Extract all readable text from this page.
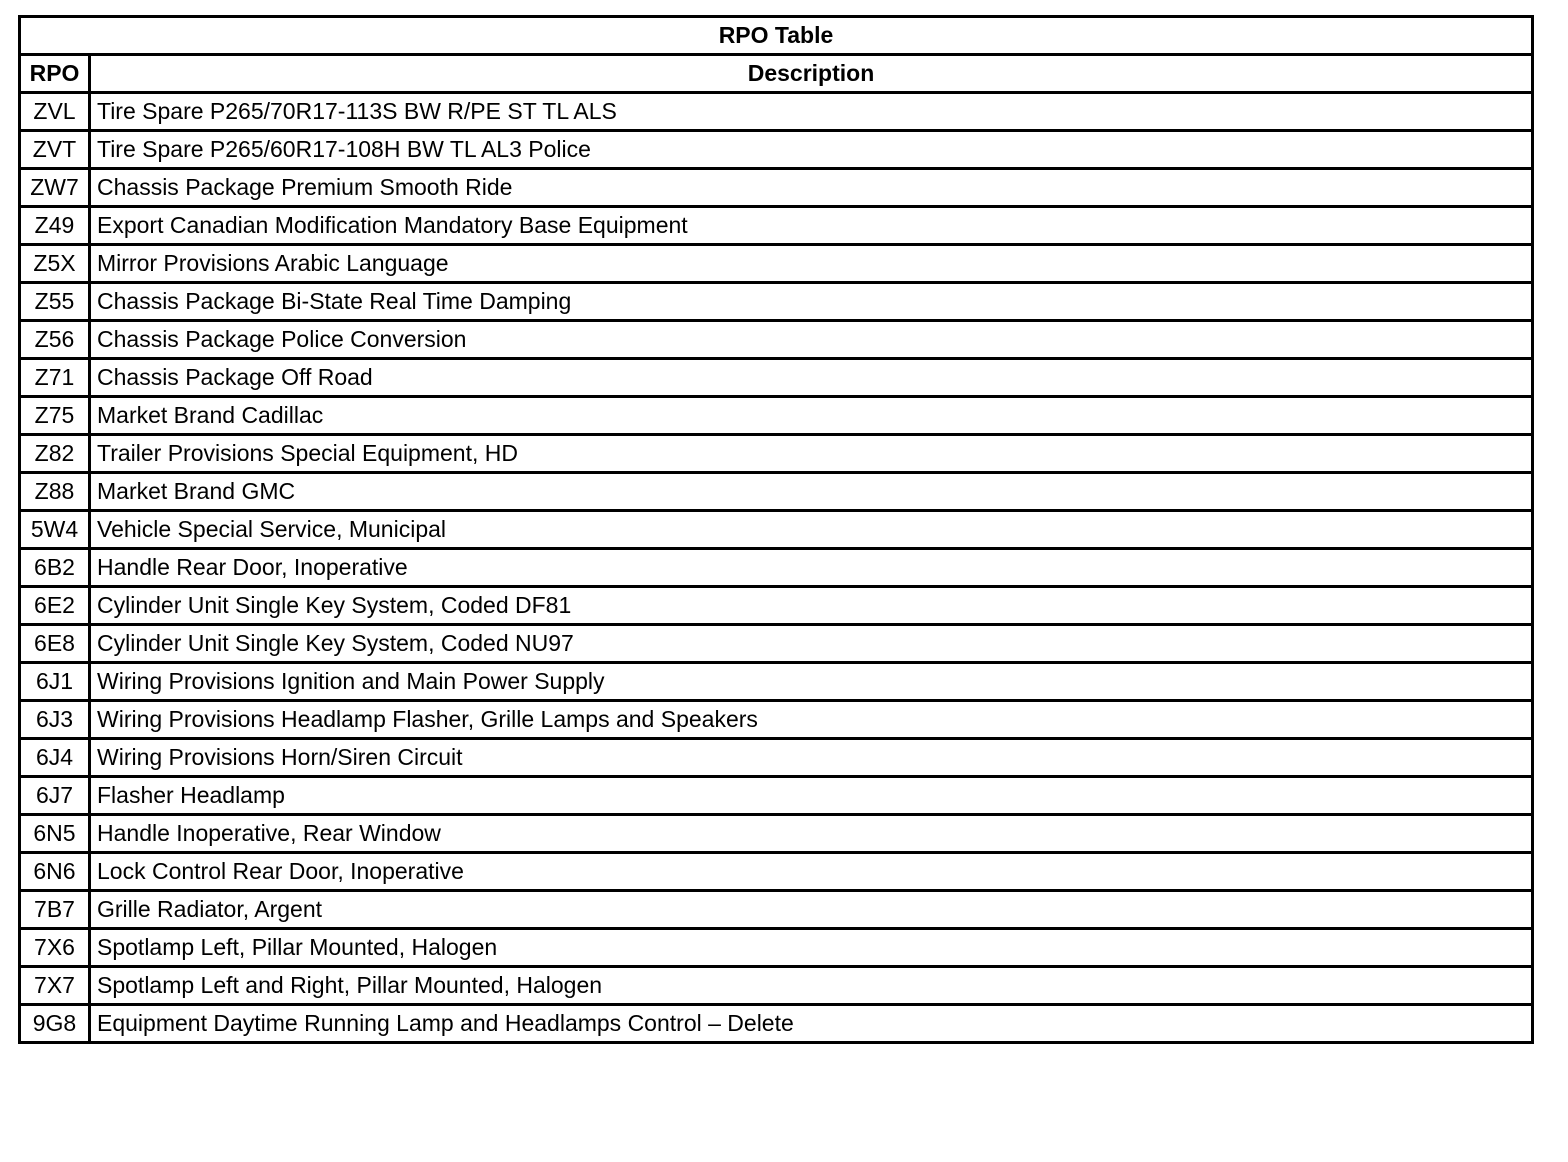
RPO Table	
RPO	Description
ZVL	Tire Spare P265/70R17-113S BW R/PE ST TL ALS
ZVT	Tire Spare P265/60R17-108H BW TL AL3 Police
ZW7	Chassis Package Premium Smooth Ride
Z49	Export Canadian Modification Mandatory Base Equipment
Z5X	Mirror Provisions Arabic Language
Z55	Chassis Package Bi-State Real Time Damping
Z56	Chassis Package Police Conversion
Z71	Chassis Package Off Road
Z75	Market Brand Cadillac
Z82	Trailer Provisions Special Equipment, HD
Z88	Market Brand GMC
5W4	Vehicle Special Service, Municipal
6B2	Handle Rear Door, Inoperative
6E2	Cylinder Unit Single Key System, Coded DF81
6E8	Cylinder Unit Single Key System, Coded NU97
6J1	Wiring Provisions Ignition and Main Power Supply
6J3	Wiring Provisions Headlamp Flasher, Grille Lamps and Speakers
6J4	Wiring Provisions Horn/Siren Circuit
6J7	Flasher Headlamp
6N5	Handle Inoperative, Rear Window
6N6	Lock Control Rear Door, Inoperative
7B7	Grille Radiator, Argent
7X6	Spotlamp Left, Pillar Mounted, Halogen
7X7	Spotlamp Left and Right, Pillar Mounted, Halogen
9G8	Equipment Daytime Running Lamp and Headlamps Control – Delete
